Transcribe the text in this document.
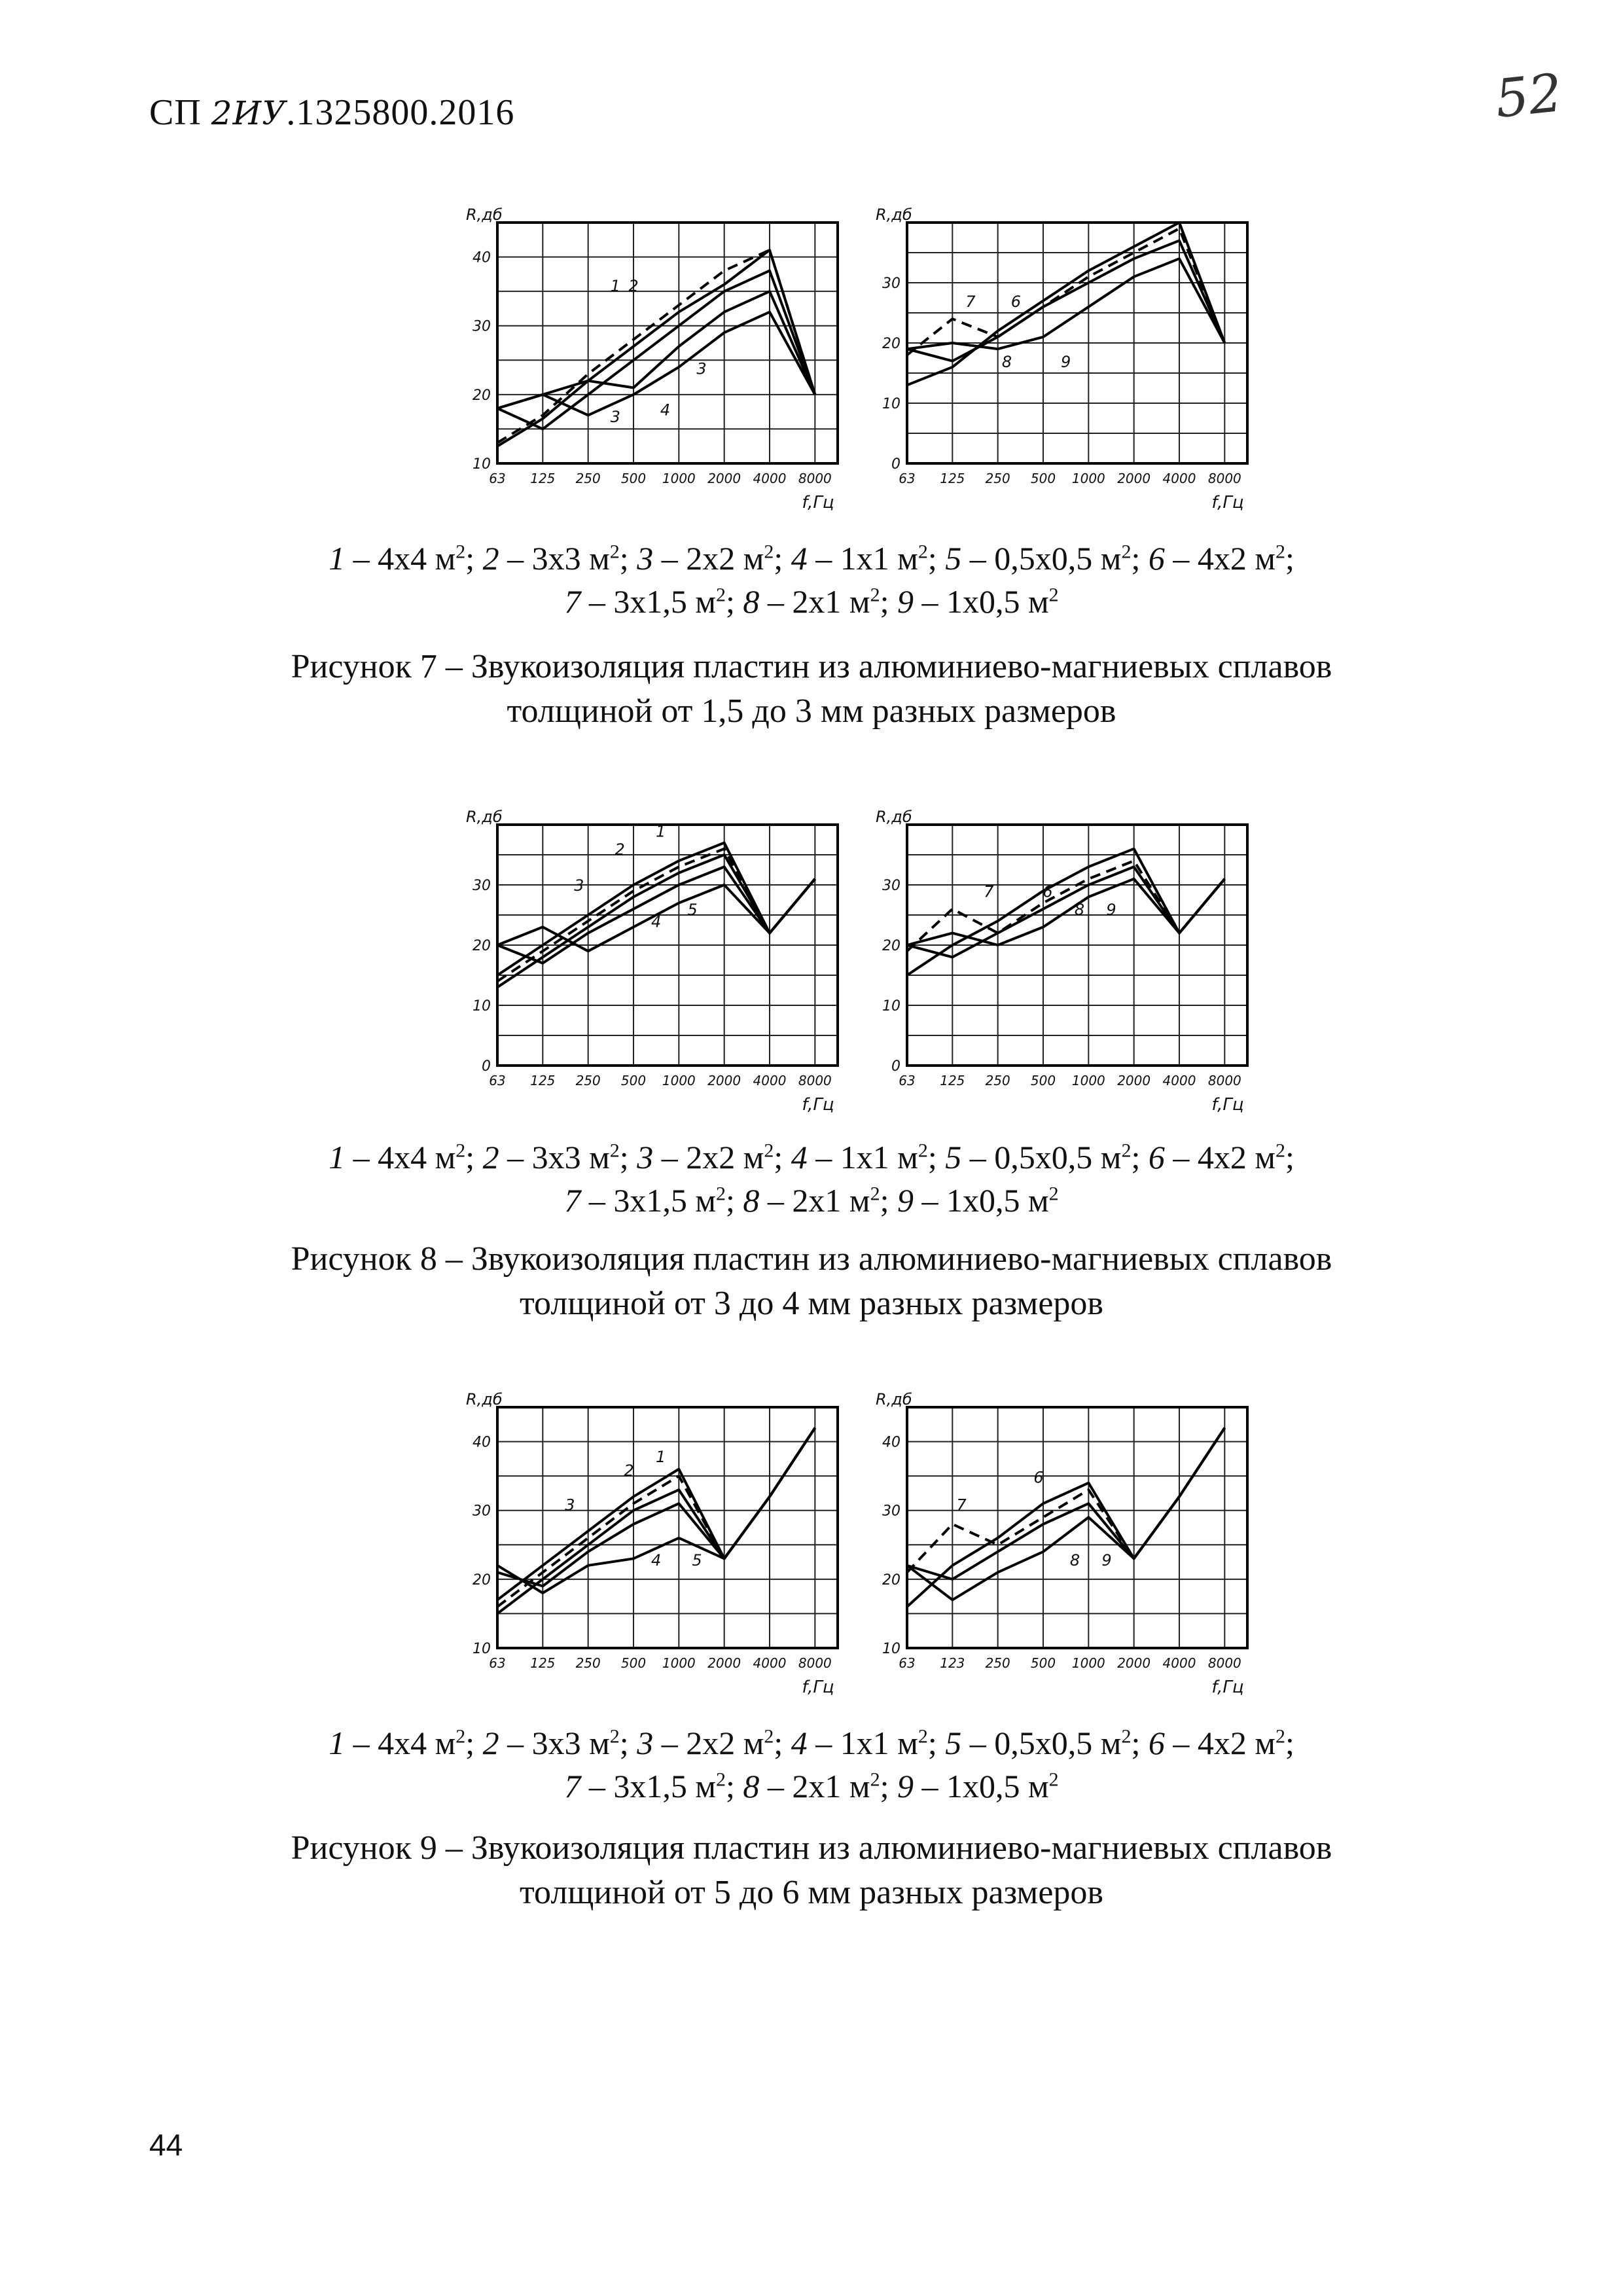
СП 2ИУ.1325800.2016	52
10
20
30
40
63 125 250 500 1000 2000 4000 8000
R,дб
f,Гц
1 2
3
3	4
0
10
20
30
63 125 250 500 1000 2000 4000 8000
R,дб
f,Гц
7 6
8	9
1 – 4х4 $м^2$; 2 – 3х3 $м^2$; 3 – 2х2 $м^2$; 4 – 1х1 $м^2$; 5 – 0,5х0,5 $м^2$; 6 – 4х2 $м^2$;
7 – 3х1,5 $м^2$; 8 – 2х1 $м^2$; 9 – 1х0,5 $м^2$
Рисунок 7 – Звукоизоляция пластин из алюминиево-магниевых сплавов
толщиной от 1,5 до 3 мм разных размеров
0
10
20
30
63 125 250 500 1000 2000 4000 8000
R,дб
f,Гц
1
2
3
4
5
0
10
20
30
63 125 250 500 1000 2000 4000 8000
R,дб
f,Гц
7	6
8 9
1 – 4х4 $м^2$; 2 – 3х3 $м^2$; 3 – 2х2 $м^2$; 4 – 1х1 $м^2$; 5 – 0,5х0,5 $м^2$; 6 – 4х2 $м^2$;
7 – 3х1,5 $м^2$; 8 – 2х1 $м^2$; 9 – 1х0,5 $м^2$
Рисунок 8 – Звукоизоляция пластин из алюминиево-магниевых сплавов
толщиной от 3 до 4 мм разных размеров
10
20
30
40
63 125 250 500 1000 2000 4000 8000
R,дб
f,Гц
1
2
3
4 5
10
20
30
40
63 123 250 500 1000 2000 4000 8000
R,дб
f,Гц
7
6
8 9
1 – 4х4 $м^2$; 2 – 3х3 $м^2$; 3 – 2х2 $м^2$; 4 – 1х1 $м^2$; 5 – 0,5х0,5 $м^2$; 6 – 4х2 $м^2$;
7 – 3х1,5 $м^2$; 8 – 2х1 $м^2$; 9 – 1х0,5 $м^2$
Рисунок 9 – Звукоизоляция пластин из алюминиево-магниевых сплавов
толщиной от 5 до 6 мм разных размеров
44
